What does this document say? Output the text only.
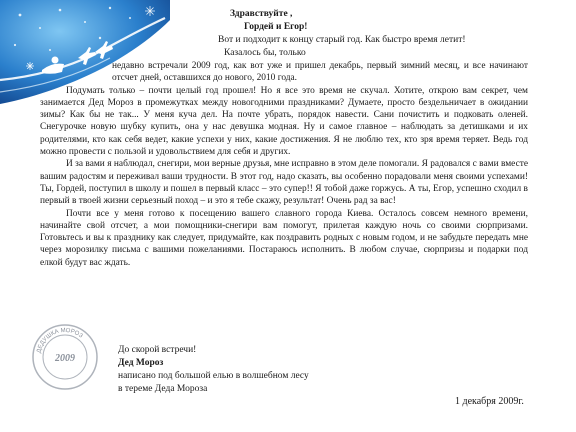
Здравствуйте ,
Гордей и Егор!
Вот и подходит к концу старый год. Как быстро время летит!
Казалось бы, только

недавно встречали 2009 год, как вот уже и пришел декабрь, первый зимний месяц, и все начинают отсчет дней, оставшихся до нового, 2010 года.

Подумать только – почти целый год прошел! Но я все это время не скучал. Хотите, открою вам секрет, чем занимается Дед Мороз в промежутках между новогодними праздниками? Думаете, просто бездельничает в ожидании зимы? Как бы не так... У меня куча дел. На почте убрать, порядок навести. Сани почистить и подковать оленей. Снегурочке новую шубку купить, она у нас девушка модная. Ну и самое главное – наблюдать за детишками и их родителями, кто как себя ведет, какие успехи у них, какие достижения. Я не люблю тех, кто зря время теряет. Ведь год можно провести с пользой и удовольствием для себя и других.

И за вами я наблюдал, снегири, мои верные друзья, мне исправно в этом деле помогали. Я радовался с вами вместе вашим радостям и переживал ваши трудности. В этот год, надо сказать, вы особенно порадовали меня своими успехами! Ты, Гордей, поступил в школу и пошел в первый класс – это супер!! Я тобой даже горжусь. А ты, Егор, успешно сходил в первый в твоей жизни серьезный поход – и это я тебе скажу, результат! Очень рад за вас!

Почти все у меня готово к посещению вашего славного города Киева. Осталось совсем немного времени, начинайте свой отсчет, а мои помощники-снегири вам помогут, прилетая каждую ночь со своими сюрпризами. Готовьтесь и вы к празднику как следует, придумайте, как поздравить родных с новым годом, и не забудьте передать мне через морозилку письма с вашими пожеланиями. Постараюсь исполнить. В любом случае, сюрпризы и подарки под елкой будут вас ждать.

2009
ДЕДУШКА МОРОЗ
До скорой встречи!
Дед Мороз
написано под большой елью в волшебном лесу
в тереме Деда Мороза
1 декабря 2009г.
